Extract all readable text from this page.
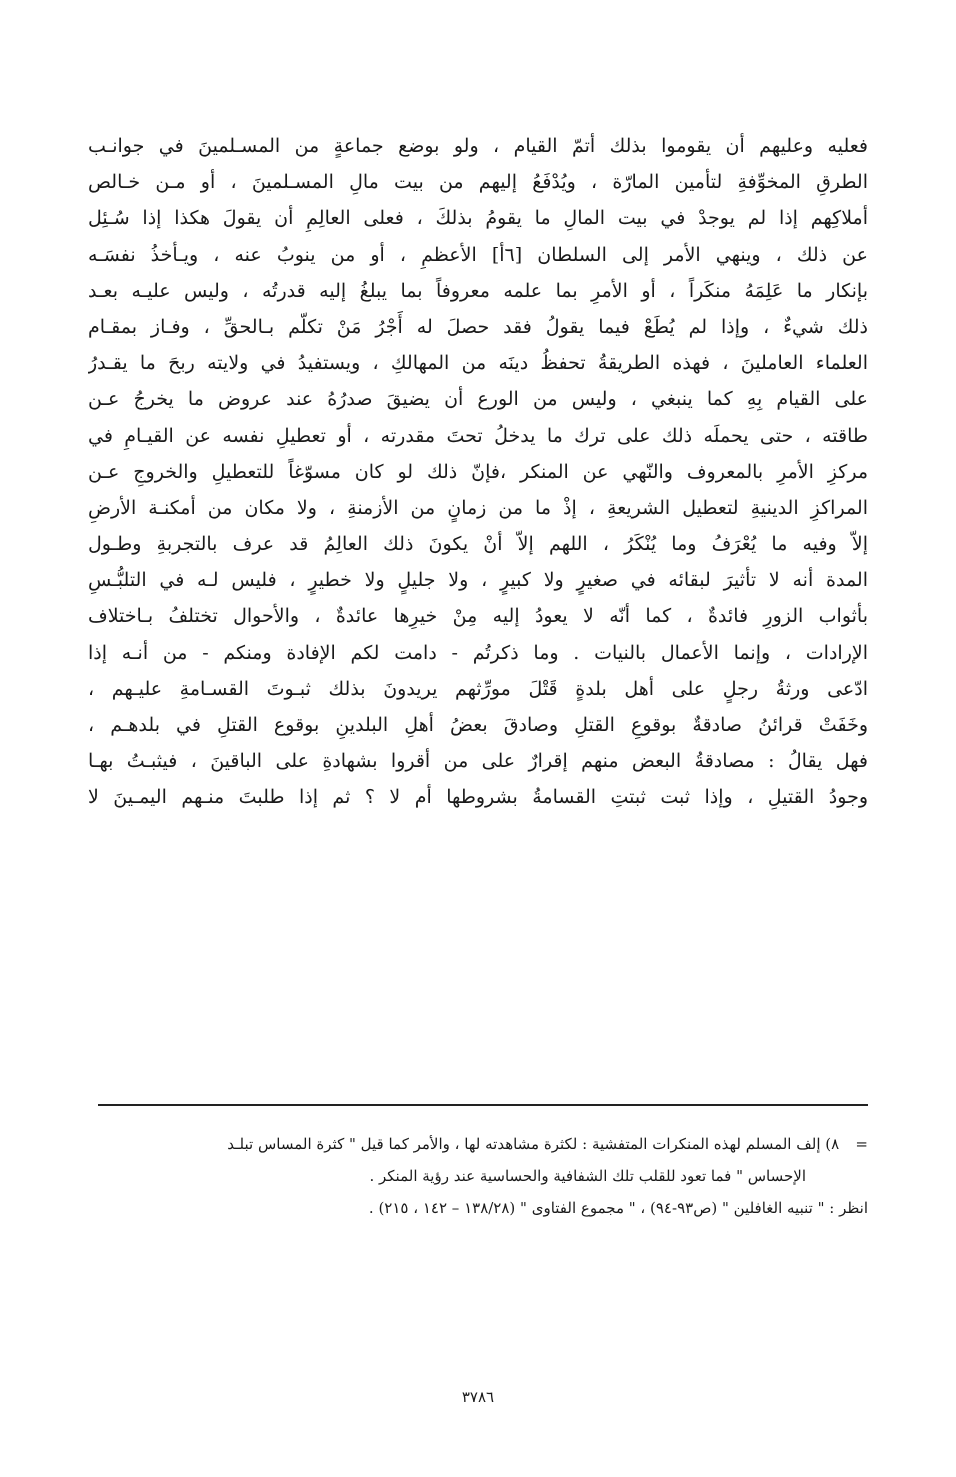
فعليه وعليهم أن يقوموا بذلك أتمّ القيام ، ولو بوضع جماعةٍ من المسـلمينَ في جوانـب
الطرقِ المخوِّفةِ لتأمين المارّة ، ويُدْفَعُ إليهم من بيت مالِ المسـلمينَ ، أو مـن خـالص
أملاكِهم إذا لم يوجدْ في بيت المالِ ما يقومُ بذلكَ ، فعلى العالِمِ أن يقولَ هكذا إذا سُـئِل
عن ذلك ، وينهي الأمر إلى السلطان [٦أ] الأعظمِ ، أو من ينوبُ عنه ، ويـأخذُ نفسَـه
بإنكار ما عَلِمَهُ منكَراً ، أو الأمرِ بما علمه معروفاً بما يبلغُ إليه قدرتُه ، وليس عليـه بعـد
ذلك شيءٌ ، وإذا لم يُطَعْ فيما يقولُ فقد حصلَ له أَجْرُ مَنْ تكلّم بـالحقِّ ، وفـاز بمقـام
العلماء العاملينَ ، فهذه الطريقةُ تحفظُ دينَه من المهالكِ ، ويستفيدُ في ولايته ربحَ ما يقـدرُ
على القيام بِهِ كما ينبغي ، وليس من الورع أن يضيقَ صدرُهُ عند عروض ما يخرجُ عـن
طاقته ، حتى يحملَه ذلك على ترك ما يدخلُ تحتَ مقدرته ، أو تعطيلِ نفسه عن القيـامِ في
مركزِ الأمرِ بالمعروف والنّهي عن المنكر ،فإنّ ذلك لو كان مسوّغاً للتعطيلِ والخروجِ عـن
المراكزِ الدينيةِ لتعطيل الشريعةِ ، إذْ ما من زمانٍ من الأزمنةِ ، ولا مكان من أمكنـة الأرضِ
إلاّ وفيه ما يُعْرَفُ وما يُنْكَرُ ، اللهم إلاّ أنْ يكونَ ذلك العالِمُ قد عرف بالتجربةِ وطـول
المدة أنه لا تأثيرَ لبقائه في صغيرٍ ولا كبيرٍ ، ولا جليلٍ ولا خطيرٍ ، فليس لـه في التلبُّـسِ
بأثواب الزورِ فائدةٌ ، كما أنّه لا يعودُ إليه مِنْ خيرِها عائدةٌ ، والأحوال تختلفُ بـاختلاف
الإرادات ، وإنما الأعمال بالنيات . وما ذكرتُم - دامت لكم الإفادة ومنكم - من أنـه إذا
ادّعى ورثةُ رجلٍ على أهل بلدةٍ قَتْلَ مورِّثهم يريدونَ بذلك ثبـوتَ القسـامةِ عليـهم ،
وخَفَتْ قرائنُ صادقةٌ بوقوعِ القتلِ وصادقَ بعضُ أهلِ البلدينِ بوقوع القتلِ في بلدهـم ،
فهل يقالُ : مصادقةُ البعض منهم إقرارٌ على من أقروا بشهادةِ على الباقينَ ، فيثبـتُ بهـا
وجودُ القتيلِ ، وإذا ثبت ثبتتِ القسامةُ بشروطها أم لا ؟ ثم إذا طلبتَ منـهم اليمـينَ لا
= ٨) إلف المسلم لهذه المنكرات المتفشية : لكثرة مشاهدته لها ، والأمر كما قيل " كثرة المساس تبلـد
الإحساس " فما تعود للقلب تلك الشفافية والحساسية عند رؤية المنكر .
انظر : " تنبيه الغافلين " (ص٩٣-٩٤) ، " مجموع الفتاوى " (١٣٨/٢٨ – ١٤٢ ، ٢١٥) .
٣٧٨٦
